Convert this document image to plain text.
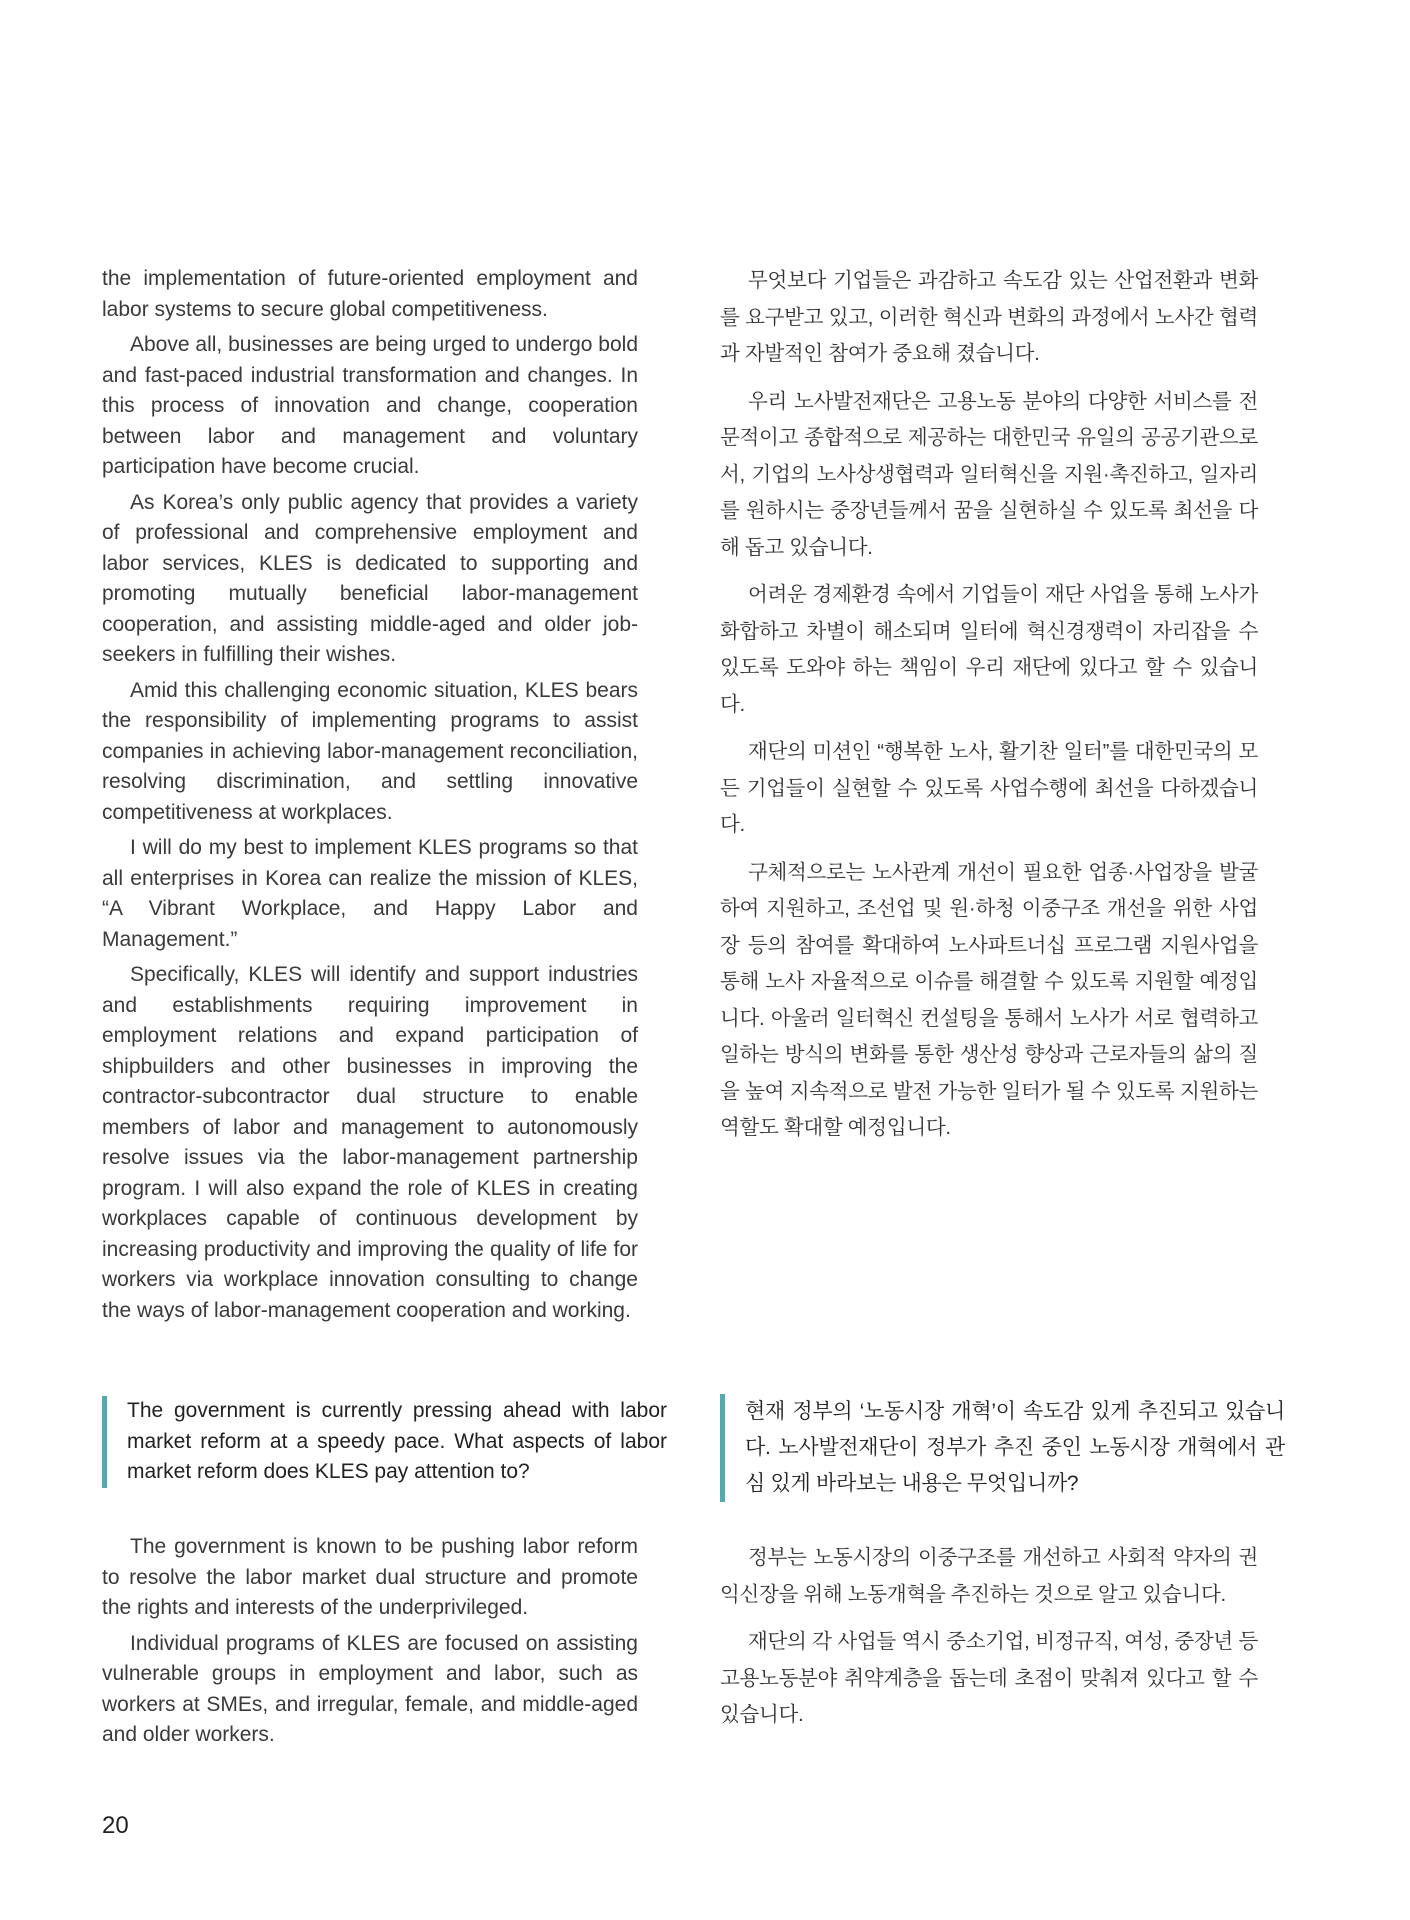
the implementation of future-oriented employment and labor systems to secure global competitiveness.

Above all, businesses are being urged to undergo bold and fast-paced industrial transformation and changes. In this process of innovation and change, cooperation between labor and management and voluntary participation have become crucial.

As Korea’s only public agency that provides a variety of professional and comprehensive employment and labor services, KLES is dedicated to supporting and promoting mutually beneficial labor-management cooperation, and assisting middle-aged and older job-seekers in fulfilling their wishes.

Amid this challenging economic situation, KLES bears the responsibility of implementing programs to assist companies in achieving labor-management reconciliation, resolving discrimination, and settling innovative competitiveness at workplaces.

I will do my best to implement KLES programs so that all enterprises in Korea can realize the mission of KLES, “A Vibrant Workplace, and Happy Labor and Management.”

Specifically, KLES will identify and support industries and establishments requiring improvement in employment relations and expand participation of shipbuilders and other businesses in improving the contractor-subcontractor dual structure to enable members of labor and management to autonomously resolve issues via the labor-management partnership program. I will also expand the role of KLES in creating workplaces capable of continuous development by increasing productivity and improving the quality of life for workers via workplace innovation consulting to change the ways of labor-management cooperation and working.

무엇보다 기업들은 과감하고 속도감 있는 산업전환과 변화를 요구받고 있고, 이러한 혁신과 변화의 과정에서 노사간 협력과 자발적인 참여가 중요해 졌습니다.

우리 노사발전재단은 고용노동 분야의 다양한 서비스를 전문적이고 종합적으로 제공하는 대한민국 유일의 공공기관으로서, 기업의 노사상생협력과 일터혁신을 지원·촉진하고, 일자리를 원하시는 중장년들께서 꿈을 실현하실 수 있도록 최선을 다해 돕고 있습니다.

어려운 경제환경 속에서 기업들이 재단 사업을 통해 노사가 화합하고 차별이 해소되며 일터에 혁신경쟁력이 자리잡을 수 있도록 도와야 하는 책임이 우리 재단에 있다고 할 수 있습니다.

재단의 미션인 “행복한 노사, 활기찬 일터”를 대한민국의 모든 기업들이 실현할 수 있도록 사업수행에 최선을 다하겠습니다.

구체적으로는 노사관계 개선이 필요한 업종·사업장을 발굴하여 지원하고, 조선업 및 원·하청 이중구조 개선을 위한 사업장 등의 참여를 확대하여 노사파트너십 프로그램 지원사업을 통해 노사 자율적으로 이슈를 해결할 수 있도록 지원할 예정입니다. 아울러 일터혁신 컨설팅을 통해서 노사가 서로 협력하고 일하는 방식의 변화를 통한 생산성 향상과 근로자들의 삶의 질을 높여 지속적으로 발전 가능한 일터가 될 수 있도록 지원하는 역할도 확대할 예정입니다.

The government is currently pressing ahead with labor market reform at a speedy pace. What aspects of labor market reform does KLES pay attention to?

현재 정부의 ‘노동시장 개혁’이 속도감 있게 추진되고 있습니다. 노사발전재단이 정부가 추진 중인 노동시장 개혁에서 관심 있게 바라보는 내용은 무엇입니까?

The government is known to be pushing labor reform to resolve the labor market dual structure and promote the rights and interests of the underprivileged.

Individual programs of KLES are focused on assisting vulnerable groups in employment and labor, such as workers at SMEs, and irregular, female, and middle-aged and older workers.

정부는 노동시장의 이중구조를 개선하고 사회적 약자의 권익신장을 위해 노동개혁을 추진하는 것으로 알고 있습니다.

재단의 각 사업들 역시 중소기업, 비정규직, 여성, 중장년 등 고용노동분야 취약계층을 돕는데 초점이 맞춰져 있다고 할 수 있습니다.

20
